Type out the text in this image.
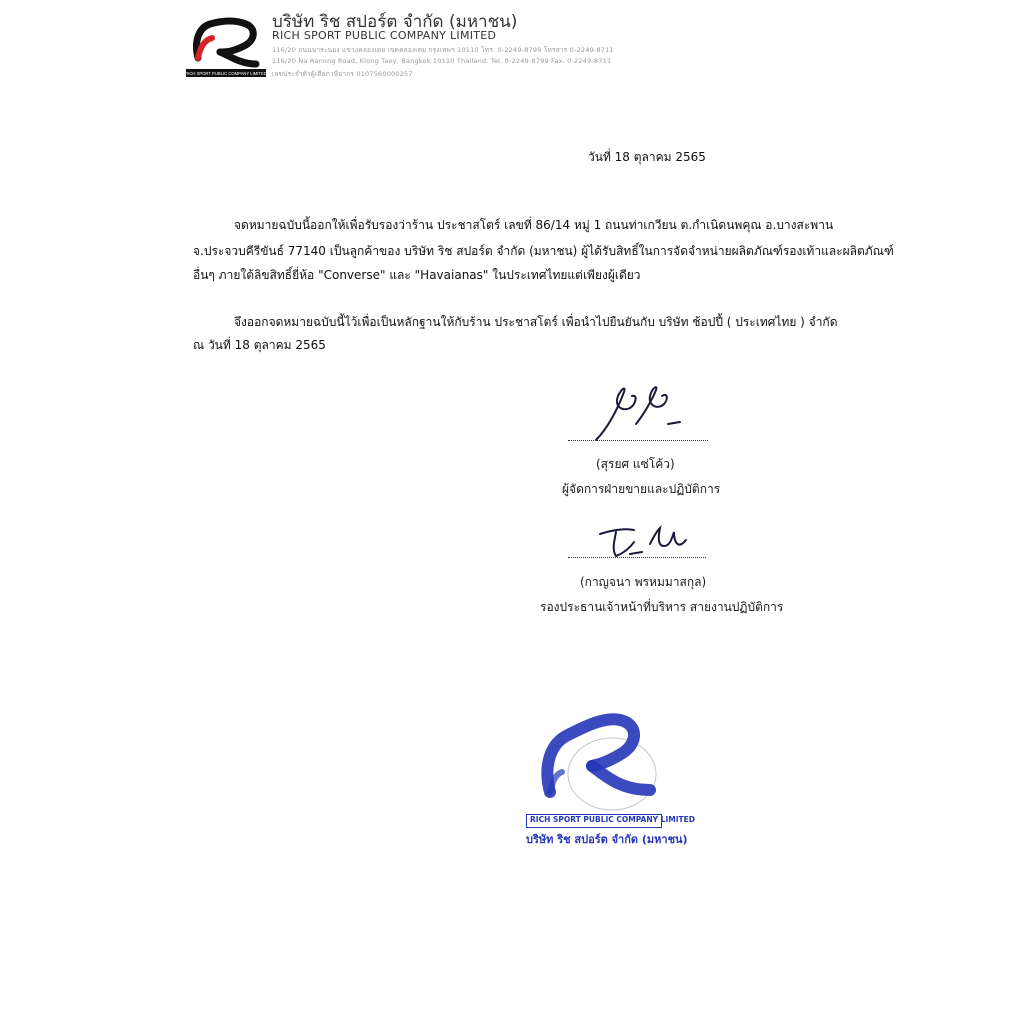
RICH SPORT PUBLIC COMPANY LIMITED
บริษัท ริช สปอร์ต จำกัด (มหาชน)
RICH SPORT PUBLIC COMPANY LIMITED
116/20 ถนนนาระนอง แขวงคลองเตย เขตคลองเตย กรุงเทพฯ 10110 โทร. 0-2249-8799 โทรสาร 0-2249-8711
116/20 Na Ranong Road, Klong Taey, Bangkok 10110 Thailand. Tel. 0-2249-8799 Fax. 0-2249-8711
เลขประจำตัวผู้เสียภาษีอากร 0107560000257
วันที่ 18 ตุลาคม 2565
จดหมายฉบับนี้ออกให้เพื่อรับรองว่าร้าน ประชาสโตร์ เลขที่ 86/14 หมู่ 1 ถนนท่าเกวียน ต.กำเนิดนพคุณ อ.บางสะพาน
จ.ประจวบคีรีขันธ์ 77140 เป็นลูกค้าของ บริษัท ริช สปอร์ต จำกัด (มหาชน) ผู้ได้รับสิทธิ์ในการจัดจำหน่ายผลิตภัณฑ์รองเท้าและผลิตภัณฑ์
อื่นๆ ภายใต้ลิขสิทธิ์ยี่ห้อ "Converse" และ "Havaianas" ในประเทศไทยแต่เพียงผู้เดียว
จึงออกจดหมายฉบับนี้ไว้เพื่อเป็นหลักฐานให้กับร้าน ประชาสโตร์ เพื่อนำไปยืนยันกับ บริษัท ช้อปปี้ ( ประเทศไทย ) จำกัด
ณ วันที่ 18 ตุลาคม 2565
(สุรยศ แซ่โค้ว)
ผู้จัดการฝ่ายขายและปฏิบัติการ
(กาญจนา พรหมมาสกุล)
รองประธานเจ้าหน้าที่บริหาร สายงานปฏิบัติการ
RICH SPORT PUBLIC COMPANY LIMITED
บริษัท ริช สปอร์ต จำกัด (มหาชน)
